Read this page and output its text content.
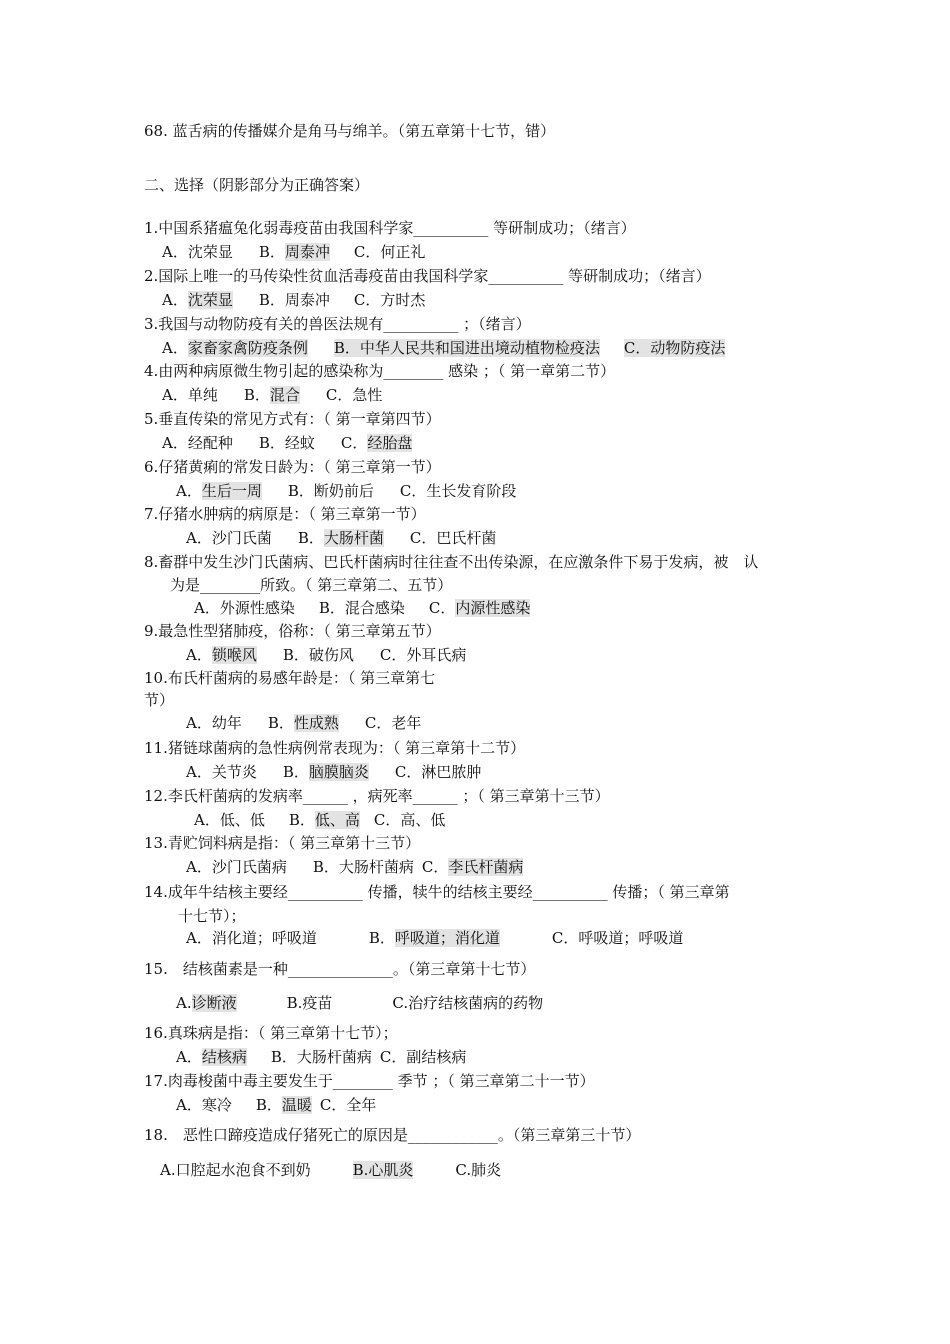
68. 蓝舌病的传播媒介是角马与绵羊。（第五章第十七节，错）
二、选择（阴影部分为正确答案）
1.中国系猪瘟兔化弱毒疫苗由我国科学家__________ 等研制成功；（绪言）
A．沈荣显 B．周泰冲 C．何正礼
2.国际上唯一的马传染性贫血活毒疫苗由我国科学家__________ 等研制成功；（绪言）
A．沈荣显 B．周泰冲 C．方时杰
3.我国与动物防疫有关的兽医法规有__________ ；（绪言）
A．家畜家禽防疫条例 B．中华人民共和国进出境动植物检疫法 C．动物防疫法
4.由两种病原微生物引起的感染称为________ 感染 ；（ 第一章第二节）
A．单纯 B．混合 C．急性
5.垂直传染的常见方式有：（ 第一章第四节）
A．经配种 B．经蚊 C．经胎盘
6.仔猪黄痢的常发日龄为：（ 第三章第一节）
A．生后一周 B．断奶前后 C．生长发育阶段
7.仔猪水肿病的病原是：（ 第三章第一节）
A．沙门氏菌 B．大肠杆菌 C．巴氏杆菌
8.畜群中发生沙门氏菌病、巴氏杆菌病时往往查不出传染源，在应激条件下易于发病，被　认
为是________所致。（ 第三章第二、五节）
A．外源性感染 B．混合感染 C．内源性感染
9.最急性型猪肺疫，俗称：（ 第三章第五节）
A．锁喉风 B．破伤风 C．外耳氏病
10.布氏杆菌病的易感年龄是：（ 第三章第七
节）
A．幼年 B．性成熟 C．老年
11.猪链球菌病的急性病例常表现为：（ 第三章第十二节）
A．关节炎 B．脑膜脑炎 C．淋巴脓肿
12.李氏杆菌病的发病率______ ，病死率______ ；（ 第三章第十三节）
A．低、低 B．低、高 C．高、低
13.青贮饲料病是指：（ 第三章第十三节）
A．沙门氏菌病 B．大肠杆菌病 C．李氏杆菌病
14.成年牛结核主要经__________ 传播，犊牛的结核主要经__________ 传播；（ 第三章第
十七节）；
A．消化道；呼吸道	B．呼吸道；消化道	C．呼吸道；呼吸道
15.　结核菌素是一种______________。（第三章第十七节）
A.诊断液	B.疫苗	C.治疗结核菌病的药物
16.真珠病是指：（ 第三章第十七节）；
A．结核病 B．大肠杆菌病 C．副结核病
17.肉毒梭菌中毒主要发生于________ 季节 ；（ 第三章第二十一节）
A．寒冷 B．温暖 C．全年
18.　恶性口蹄疫造成仔猪死亡的原因是____________。（第三章第三十节）
A.口腔起水泡食不到奶	B.心肌炎	C.肺炎
